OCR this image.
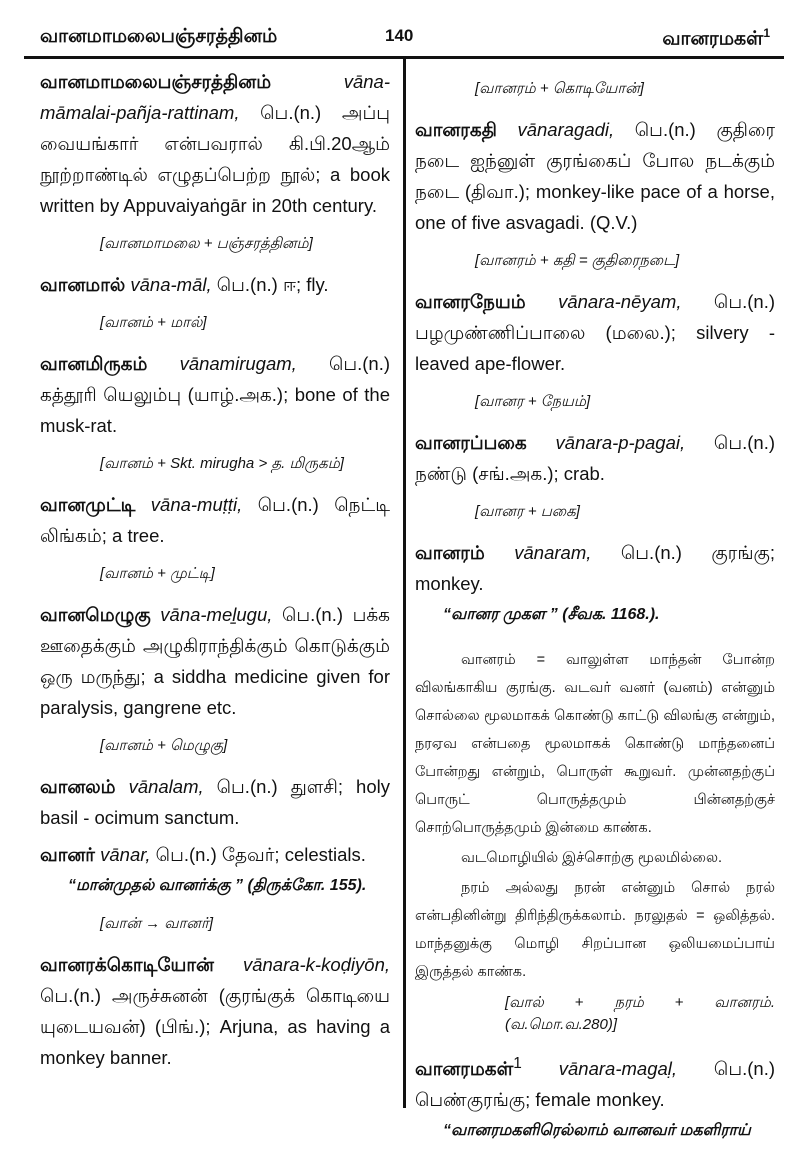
வானமாமலைபஞ்சரத்தினம்	140	வானரமகள்$^1$
வானமாமலைபஞ்சரத்தினம்	vāna-māmalai-pañja-rattinam, பெ.(n.) அப்பு வையங்கார் என்பவரால் கி.பி.20ஆம் நூற்றாண்டில் எழுதப்பெற்ற நூல்; a book written by Appuvaiyaṅgār in 20th century.
[வானமாமலை + பஞ்சரத்தினம்]
வானமால் vāna-māl, பெ.(n.) ஈ; fly.
[வானம் + மால்]
வானமிருகம் vānamirugam, பெ.(n.) கத்தூரி யெலும்பு (யாழ்.அக.); bone of the musk-rat.
[வானம் + Skt. mirugha > த. மிருகம்]
வானமுட்டி vāna-muṭṭi, பெ.(n.) நெட்டி லிங்கம்; a tree.
[வானம் + முட்டி]
வானமெழுகு vāna-meḻugu, பெ.(n.) பக்க ஊதைக்கும் அழுகிராந்திக்கும் கொடுக்கும் ஒரு மருந்து; a siddha medicine given for paralysis, gangrene etc.
[வானம் + மெழுகு]
வானலம் vānalam, பெ.(n.) துளசி; holy basil - ocimum sanctum.
வானர் vānar, பெ.(n.) தேவர்; celestials.
“மான்முதல் வானர்க்கு ” (திருக்கோ. 155).
[வான் → வானர்]
வானரக்கொடியோன் vānara-k-koḍiyōn, பெ.(n.) அருச்சுனன் (குரங்குக் கொடியை யுடையவன்) (பிங்.); Arjuna, as having a monkey banner.
[வானரம் + கொடியோன்]
வானரகதி vānaragadi, பெ.(n.) குதிரை நடை ஐந்னுள் குரங்கைப் போல நடக்கும் நடை (திவா.); monkey-like pace of a horse, one of five asvagadi. (Q.V.)
[வானரம் + கதி = குதிரைநடை]
வானரநேயம் vānara-nēyam, பெ.(n.) பழமுண்ணிப்பாலை (மலை.); silvery - leaved ape-flower.
[வானர + நேயம்]
வானரப்பகை vānara-p-pagai, பெ.(n.) நண்டு (சங்.அக.); crab.
[வானர + பகை]
வானரம் vānaram, பெ.(n.) குரங்கு; monkey.
“வானர முகள ” (சீவக. 1168.).

வானரம் = வாலுள்ள மாந்தன் போன்ற விலங்காகிய குரங்கு. வடவர் வனர் (வனம்) என்னும் சொல்லை மூலமாகக் கொண்டு காட்டு விலங்கு என்றும், நரஏவ என்பதை மூலமாகக் கொண்டு மாந்தனைப் போன்றது என்றும், பொருள் கூறுவர். முன்னதற்குப் பொருட் பொருத்தமும் பின்னதற்குச் சொற்பொருத்தமும் இன்மை காண்க.

வடமொழியில் இச்சொற்கு மூலமில்லை.

நரம் அல்லது நரன் என்னும் சொல் நரல் என்பதினின்று திரிந்திருக்கலாம். நரலுதல் = ஒலித்தல். மாந்தனுக்கு மொழி சிறப்பான ஒலியமைப்பாய் இருத்தல் காண்க.

[வால் + நரம் + வானரம். (வ.மொ.வ.280)]
வானரமகள்$^1$ vānara-magaḷ, பெ.(n.) பெண்குரங்கு; female monkey.
“வானரமகளிரெல்லாம் வானவர் மகளிராய்
